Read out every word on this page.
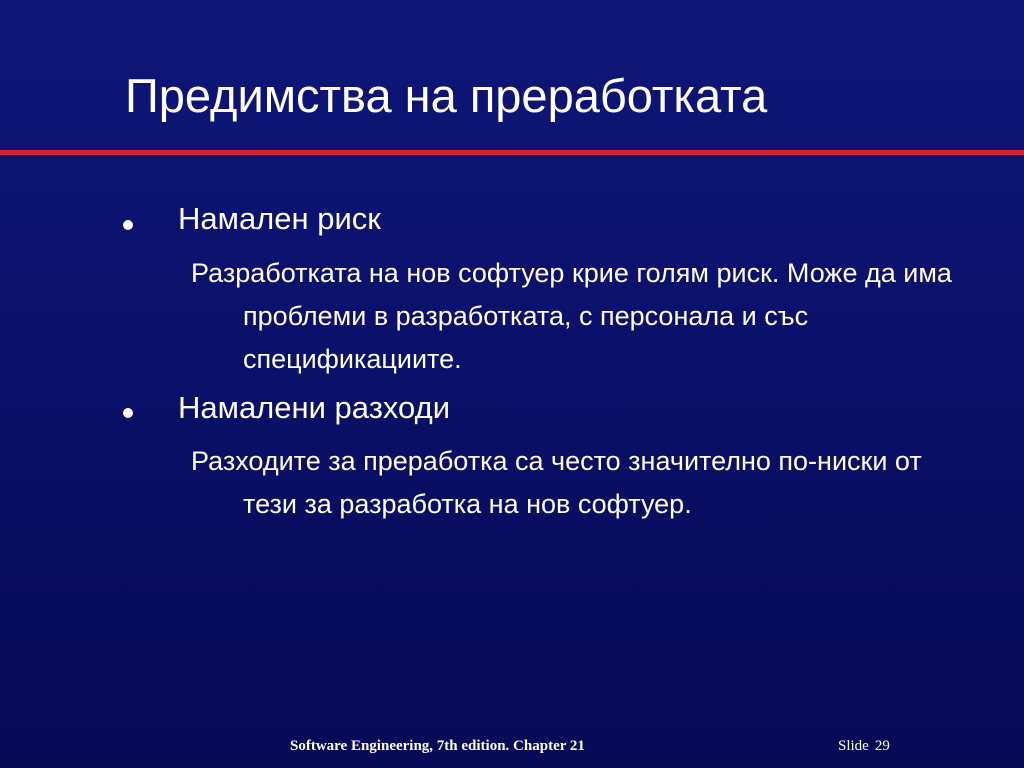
Предимства на преработката
Намален риск

Разработката на нов софтуер крие голям риск. Може да има проблеми в разработката, с персонала и със спецификациите.

Намалени разходи

Разходите за преработка са често значително по-ниски от тези за разработка на нов софтуер.

Software Engineering, 7th edition. Chapter 21	Slide 29
